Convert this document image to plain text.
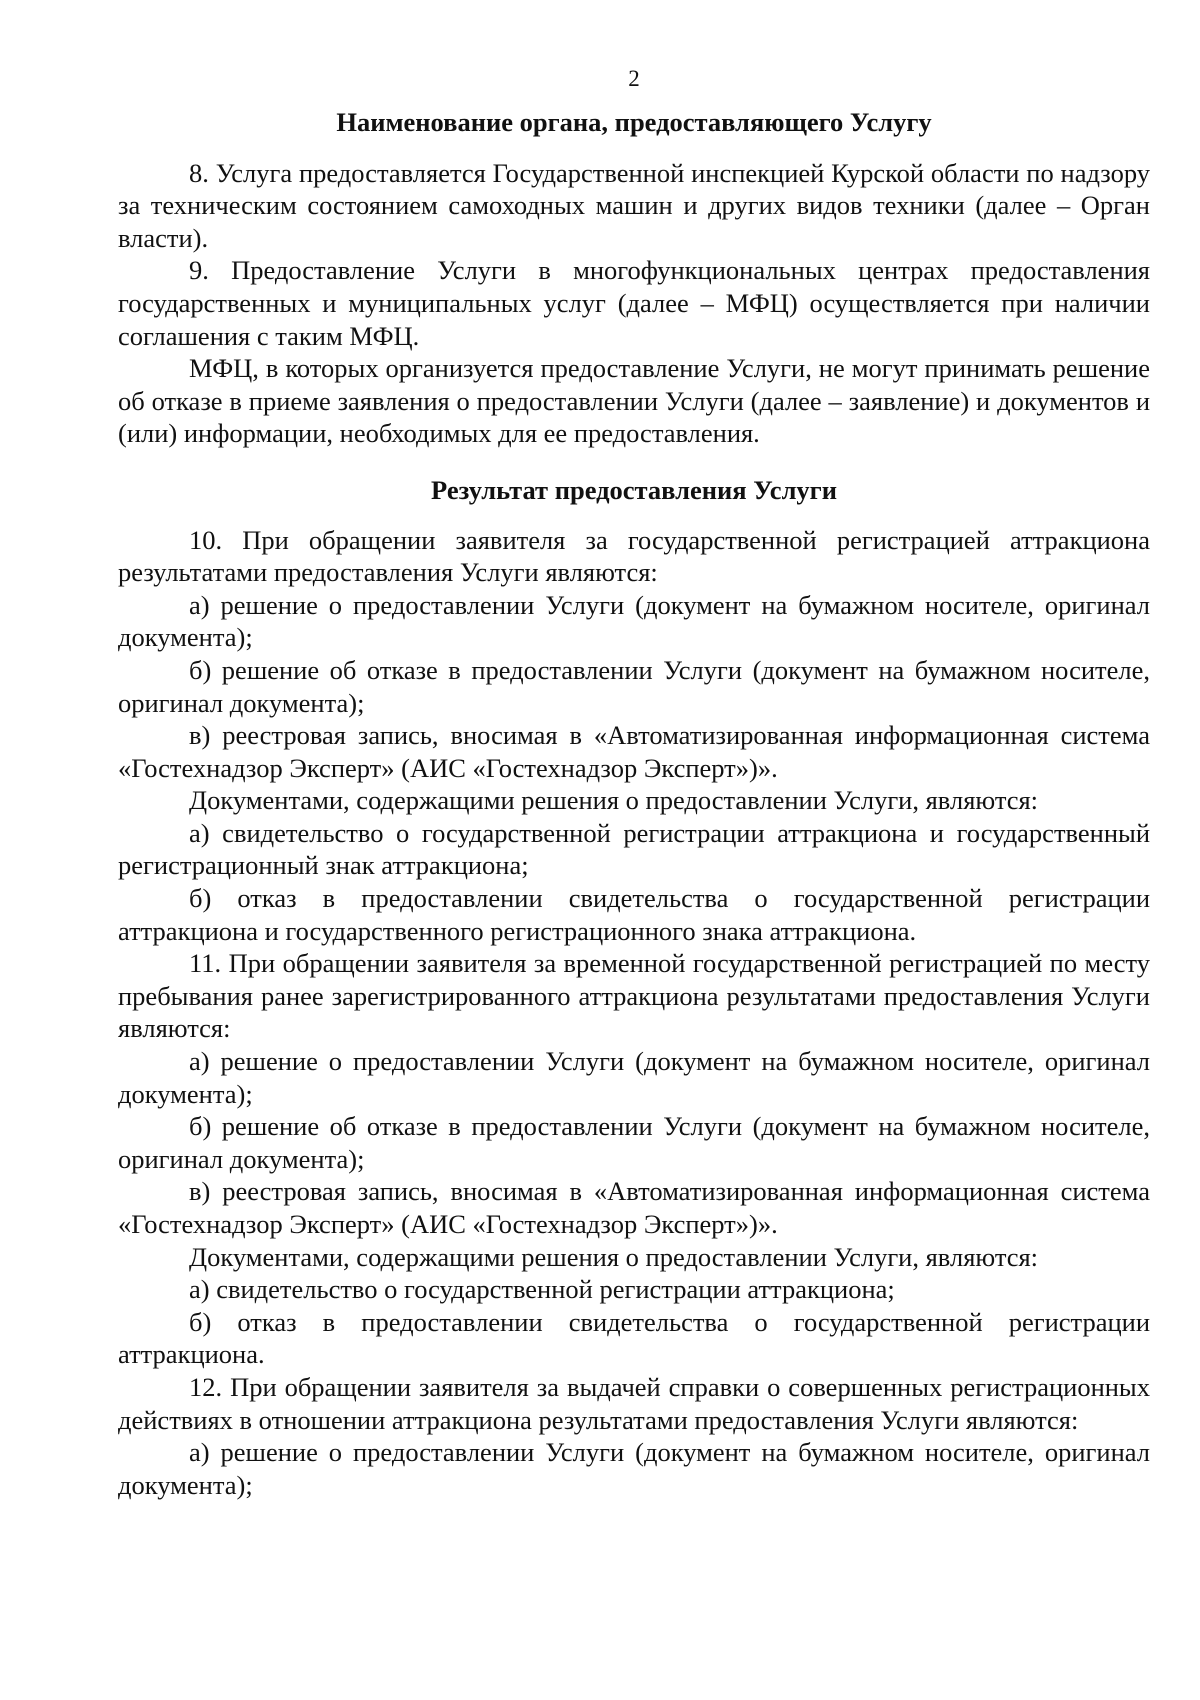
2
Наименование органа, предоставляющего Услугу

8. Услуга предоставляется Государственной инспекцией Курской области по надзору за техническим состоянием самоходных машин и других видов техники (далее – Орган власти).

9. Предоставление Услуги в многофункциональных центрах предоставления государственных и муниципальных услуг (далее – МФЦ) осуществляется при наличии соглашения с таким МФЦ.

МФЦ, в которых организуется предоставление Услуги, не могут принимать решение об отказе в приеме заявления о предоставлении Услуги (далее – заявление) и документов и (или) информации, необходимых для ее предоставления.

Результат предоставления Услуги

10. При обращении заявителя за государственной регистрацией аттракциона результатами предоставления Услуги являются:

а) решение о предоставлении Услуги (документ на бумажном носителе, оригинал документа);

б) решение об отказе в предоставлении Услуги (документ на бумажном носителе, оригинал документа);

в) реестровая запись, вносимая в «Автоматизированная информационная система «Гостехнадзор Эксперт» (АИС «Гостехнадзор Эксперт»)».

Документами, содержащими решения о предоставлении Услуги, являются:

а) свидетельство о государственной регистрации аттракциона и государственный регистрационный знак аттракциона;

б) отказ в предоставлении свидетельства о государственной регистрации аттракциона и государственного регистрационного знака аттракциона.

11. При обращении заявителя за временной государственной регистрацией по месту пребывания ранее зарегистрированного аттракциона результатами предоставления Услуги являются:

а) решение о предоставлении Услуги (документ на бумажном носителе, оригинал документа);

б) решение об отказе в предоставлении Услуги (документ на бумажном носителе, оригинал документа);

в) реестровая запись, вносимая в «Автоматизированная информационная система «Гостехнадзор Эксперт» (АИС «Гостехнадзор Эксперт»)».

Документами, содержащими решения о предоставлении Услуги, являются:

а) свидетельство о государственной регистрации аттракциона;

б) отказ в предоставлении свидетельства о государственной регистрации аттракциона.

12. При обращении заявителя за выдачей справки о совершенных регистрационных действиях в отношении аттракциона результатами предоставления Услуги являются:

а) решение о предоставлении Услуги (документ на бумажном носителе, оригинал документа);
